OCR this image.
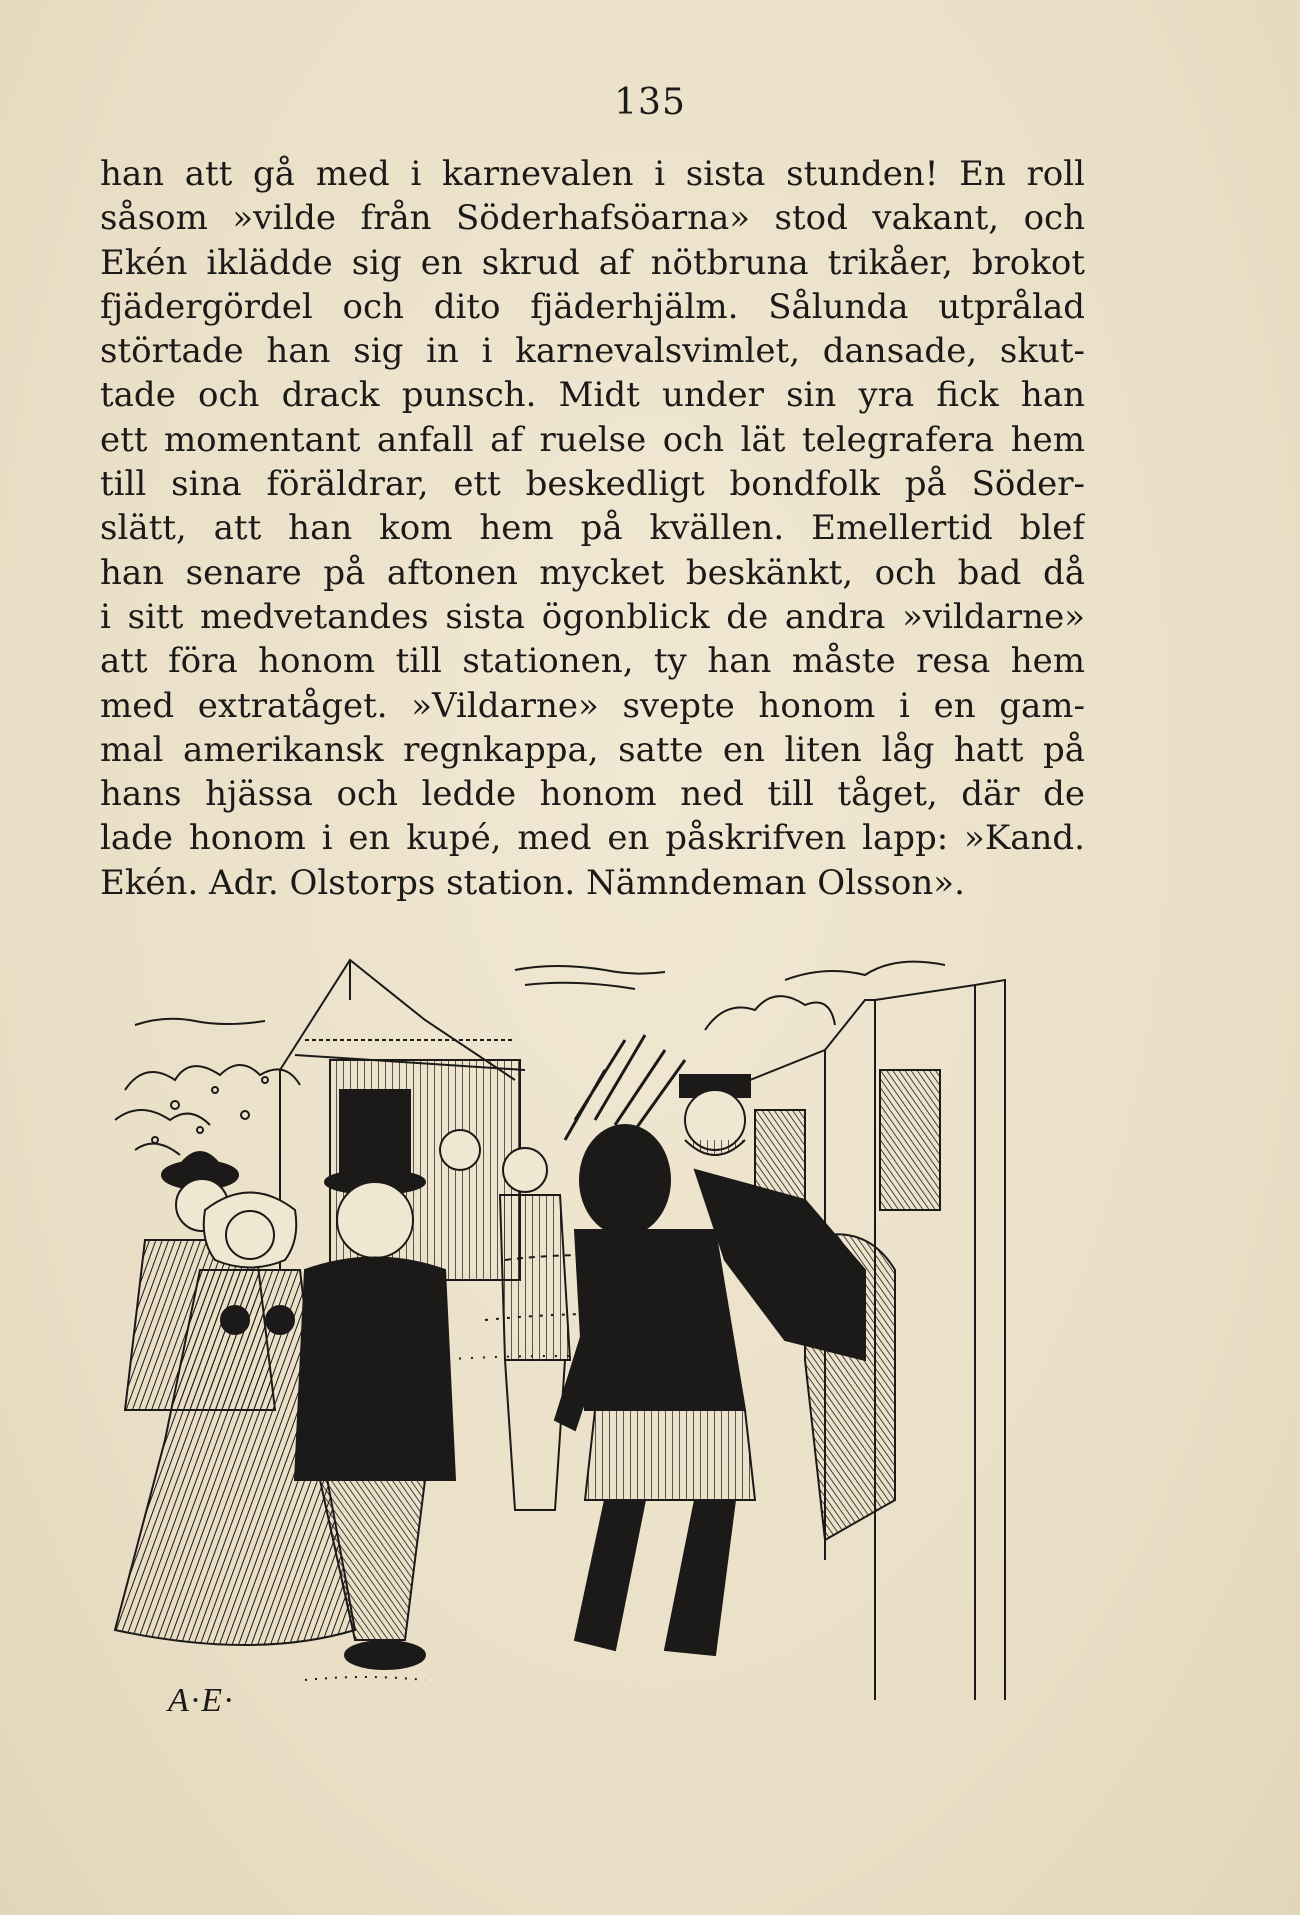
135
han att gå med i karnevalen i sista stunden! En roll
såsom »vilde från Söderhafsöarna» stod vakant, och
Ekén iklädde sig en skrud af nötbruna trikåer, brokot
fjädergördel och dito fjäderhjälm. Sålunda utprålad
störtade han sig in i karnevalsvimlet, dansade, skut-
tade och drack punsch. Midt under sin yra fick han
ett momentant anfall af ruelse och lät telegrafera hem
till sina föräldrar, ett beskedligt bondfolk på Söder-
slätt, att han kom hem på kvällen. Emellertid blef
han senare på aftonen mycket beskänkt, och bad då
i sitt medvetandes sista ögonblick de andra »vildarne»
att föra honom till stationen, ty han måste resa hem
med extratåget. »Vildarne» svepte honom i en gam-
mal amerikansk regnkappa, satte en liten låg hatt på
hans hjässa och ledde honom ned till tåget, där de
lade honom i en kupé, med en påskrifven lapp: »Kand.
Ekén. Adr. Olstorps station. Nämndeman Olsson».
A·E·
